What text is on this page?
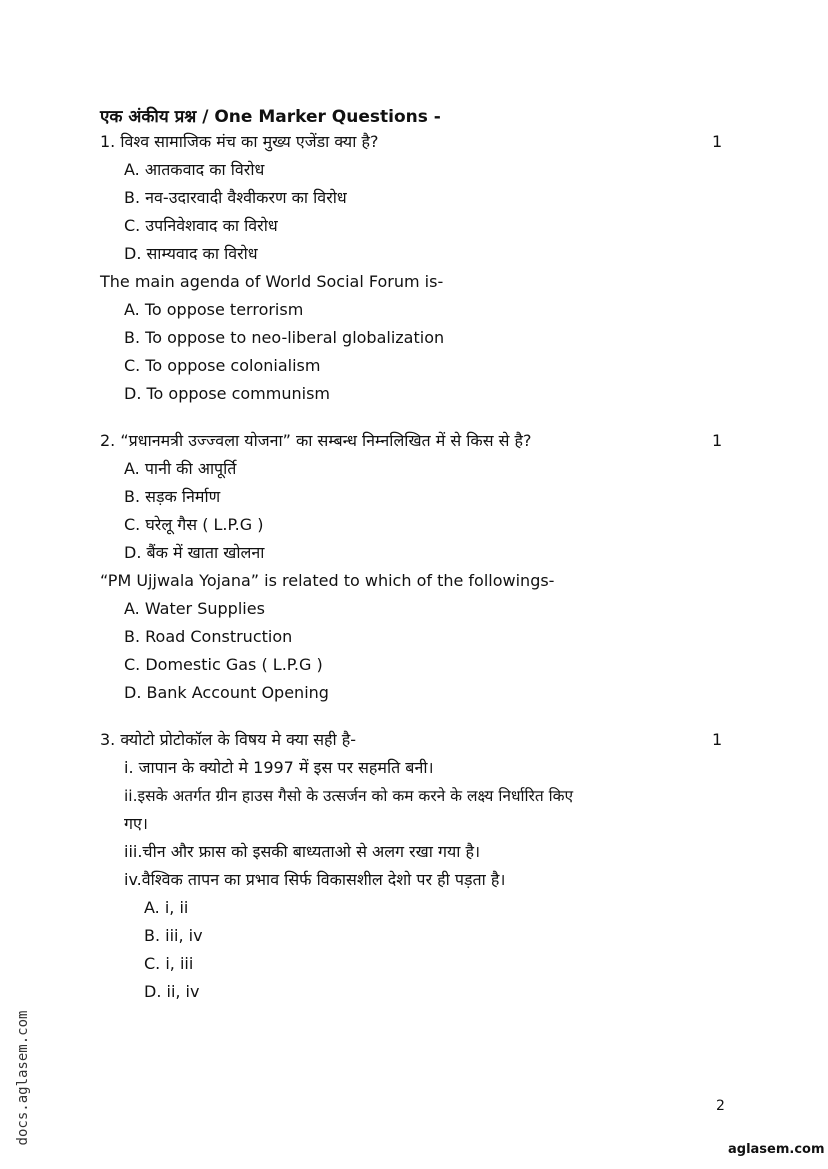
एक अंकीय प्रश्न / One Marker Questions -
1. विश्व सामाजिक मंच का मुख्य एजेंडा क्या है?	1
A. आतकवाद का विरोध
B. नव-उदारवादी वैश्वीकरण का विरोध
C. उपनिवेशवाद का विरोध
D. साम्यवाद का विरोध
The main agenda of World Social Forum is-
A. To oppose terrorism
B. To oppose to neo-liberal globalization
C. To oppose colonialism
D. To oppose communism
2. “प्रधानमत्री उज्ज्वला योजना” का सम्बन्ध निम्नलिखित में से किस से है?	1
A. पानी की आपूर्ति
B. सड़क निर्माण
C. घरेलू गैस ( L.P.G )
D. बैंक में खाता खोलना
“PM Ujjwala Yojana” is related to which of the followings-
A. Water Supplies
B. Road Construction
C. Domestic Gas ( L.P.G )
D. Bank Account Opening
3. क्योटो प्रोटोकॉल के विषय मे क्या सही है-	1
i. जापान के क्योटो मे 1997 में इस पर सहमति बनी।
ii.इसके अतर्गत ग्रीन हाउस गैसो के उत्सर्जन को कम करने के लक्ष्य निर्धारित किए
गए।
iii.चीन और फ्रास को इसकी बाध्यताओ से अलग रखा गया है।
iv.वैश्विक तापन का प्रभाव सिर्फ विकासशील देशो पर ही पड़ता है।
A. i, ii
B. iii, iv
C. i, iii
D. ii, iv
docs.aglasem.com	2
aglasem.com
